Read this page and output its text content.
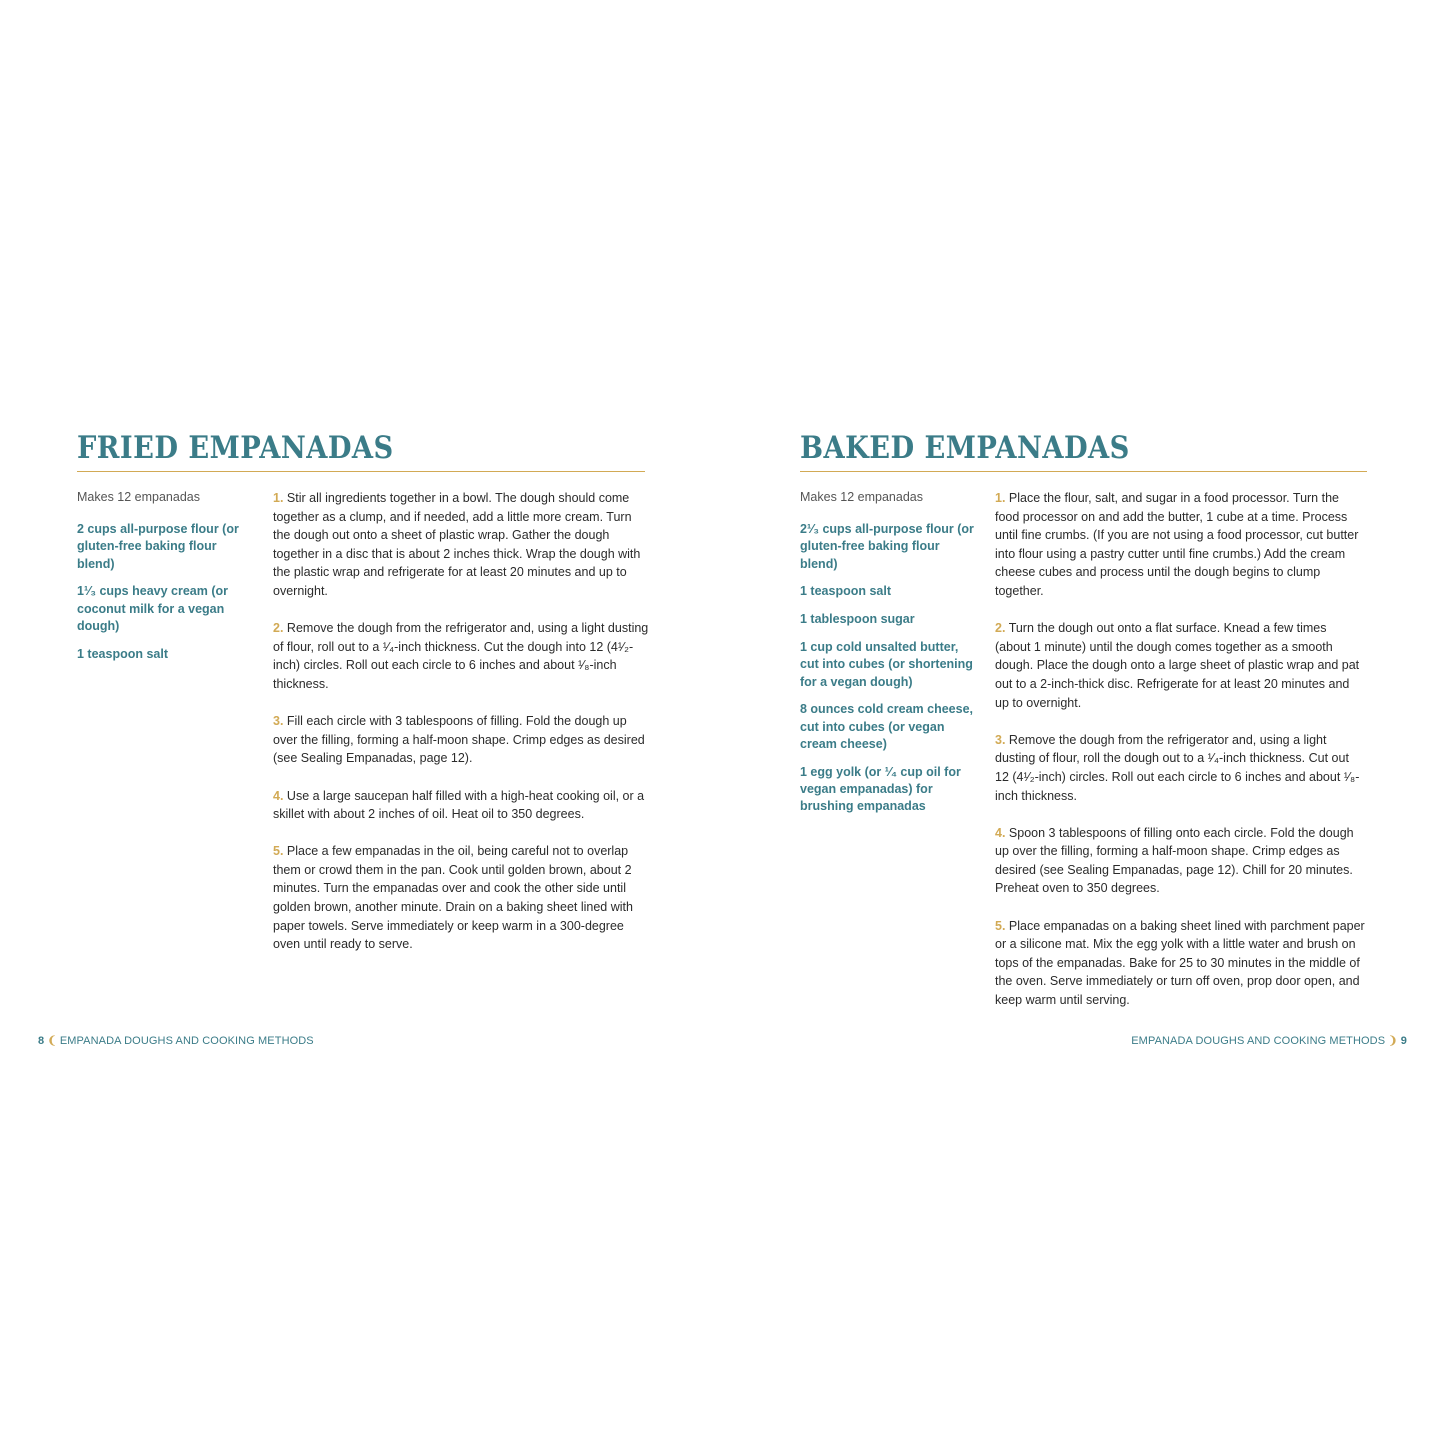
FRIED EMPANADAS

Makes 12 empanadas

2 cups all-purpose flour (or gluten-free baking flour blend)
1¹⁄₃ cups heavy cream (or coconut milk for a vegan dough)
1 teaspoon salt
1. Stir all ingredients together in a bowl. The dough should come together as a clump, and if needed, add a little more cream. Turn the dough out onto a sheet of plastic wrap. Gather the dough together in a disc that is about 2 inches thick. Wrap the dough with the plastic wrap and refrigerate for at least 20 minutes and up to overnight.
2. Remove the dough from the refrigerator and, using a light dusting of flour, roll out to a ¹⁄₄-inch thickness. Cut the dough into 12 (4¹⁄₂-inch) circles. Roll out each circle to 6 inches and about ¹⁄₈-inch thickness.
3. Fill each circle with 3 tablespoons of filling. Fold the dough up over the filling, forming a half-moon shape. Crimp edges as desired (see Sealing Empanadas, page 12).
4. Use a large saucepan half filled with a high-heat cooking oil, or a skillet with about 2 inches of oil. Heat oil to 350 degrees.
5. Place a few empanadas in the oil, being careful not to overlap them or crowd them in the pan. Cook until golden brown, about 2 minutes. Turn the empanadas over and cook the other side until golden brown, another minute. Drain on a baking sheet lined with paper towels. Serve immediately or keep warm in a 300-degree oven until ready to serve.
8 ❨ EMPANADA DOUGHS AND COOKING METHODS
BAKED EMPANADAS

Makes 12 empanadas

2¹⁄₃ cups all-purpose flour (or gluten-free baking flour blend)
1 teaspoon salt
1 tablespoon sugar
1 cup cold unsalted butter, cut into cubes (or shortening for a vegan dough)
8 ounces cold cream cheese, cut into cubes (or vegan cream cheese)
1 egg yolk (or ¹⁄₄ cup oil for vegan empanadas) for brushing empanadas
1. Place the flour, salt, and sugar in a food processor. Turn the food processor on and add the butter, 1 cube at a time. Process until fine crumbs. (If you are not using a food processor, cut butter into flour using a pastry cutter until fine crumbs.) Add the cream cheese cubes and process until the dough begins to clump together.
2. Turn the dough out onto a flat surface. Knead a few times (about 1 minute) until the dough comes together as a smooth dough. Place the dough onto a large sheet of plastic wrap and pat out to a 2-inch-thick disc. Refrigerate for at least 20 minutes and up to overnight.
3. Remove the dough from the refrigerator and, using a light dusting of flour, roll the dough out to a ¹⁄₄-inch thickness. Cut out 12 (4¹⁄₂-inch) circles. Roll out each circle to 6 inches and about ¹⁄₈-inch thickness.
4. Spoon 3 tablespoons of filling onto each circle. Fold the dough up over the filling, forming a half-moon shape. Crimp edges as desired (see Sealing Empanadas, page 12). Chill for 20 minutes. Preheat oven to 350 degrees.
5. Place empanadas on a baking sheet lined with parchment paper or a silicone mat. Mix the egg yolk with a little water and brush on tops of the empanadas. Bake for 25 to 30 minutes in the middle of the oven. Serve immediately or turn off oven, prop door open, and keep warm until serving.
EMPANADA DOUGHS AND COOKING METHODS ❩ 9
